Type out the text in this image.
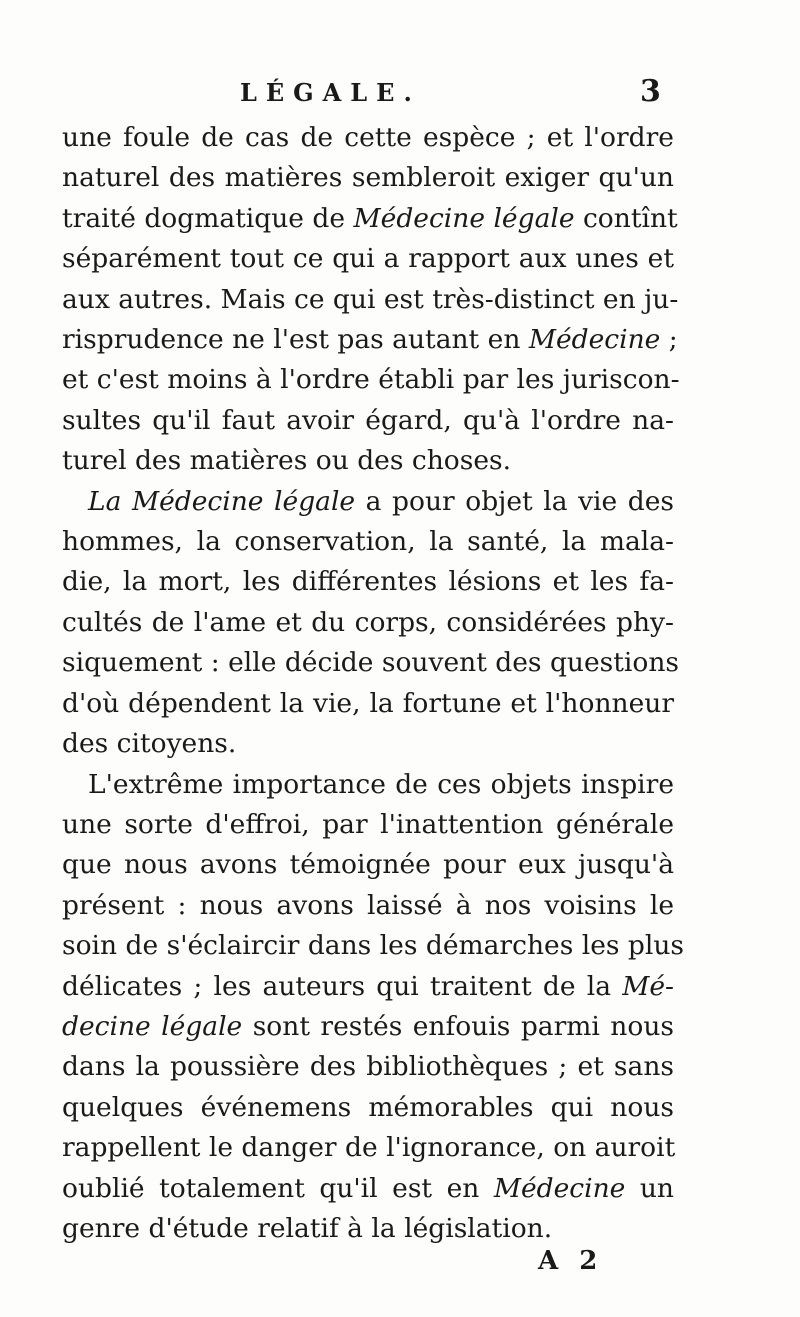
LÉGALE.	3
une foule de cas de cette espèce ; et l'ordre
naturel des matières sembleroit exiger qu'un
traité dogmatique de Médecine légale contînt
séparément tout ce qui a rapport aux unes et
aux autres. Mais ce qui est très-distinct en ju-
risprudence ne l'est pas autant en Médecine ;
et c'est moins à l'ordre établi par les juriscon-
sultes qu'il faut avoir égard, qu'à l'ordre na-
turel des matières ou des choses.
La Médecine légale a pour objet la vie des
hommes, la conservation, la santé, la mala-
die, la mort, les différentes lésions et les fa-
cultés de l'ame et du corps, considérées phy-
siquement : elle décide souvent des questions
d'où dépendent la vie, la fortune et l'honneur
des citoyens.
L'extrême importance de ces objets inspire
une sorte d'effroi, par l'inattention générale
que nous avons témoignée pour eux jusqu'à
présent : nous avons laissé à nos voisins le
soin de s'éclaircir dans les démarches les plus
délicates ; les auteurs qui traitent de la Mé-
decine légale sont restés enfouis parmi nous
dans la poussière des bibliothèques ; et sans
quelques événemens mémorables qui nous
rappellent le danger de l'ignorance, on auroit
oublié totalement qu'il est en Médecine un
genre d'étude relatif à la législation.
A 2
